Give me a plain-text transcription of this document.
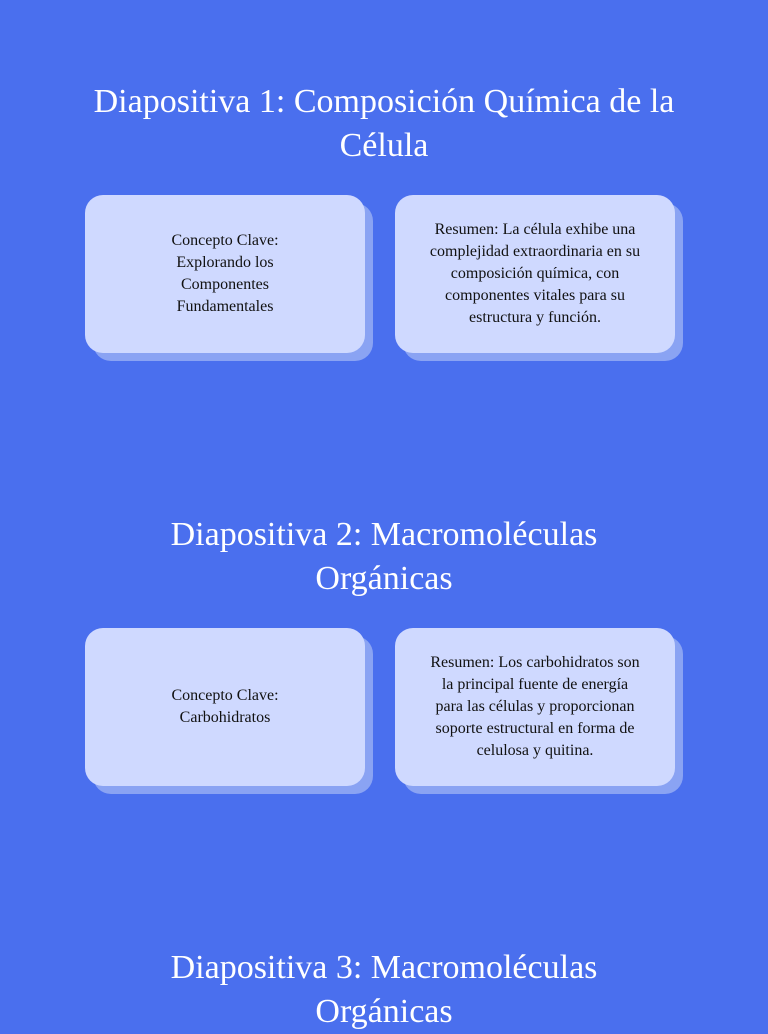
Diapositiva 1: Composición Química de la Célula
Concepto Clave: Explorando los Componentes Fundamentales
Resumen: La célula exhibe una complejidad extraordinaria en su composición química, con componentes vitales para su estructura y función.
Diapositiva 2: Macromoléculas Orgánicas
Concepto Clave: Carbohidratos
Resumen: Los carbohidratos son la principal fuente de energía para las células y proporcionan soporte estructural en forma de celulosa y quitina.
Diapositiva 3: Macromoléculas Orgánicas
